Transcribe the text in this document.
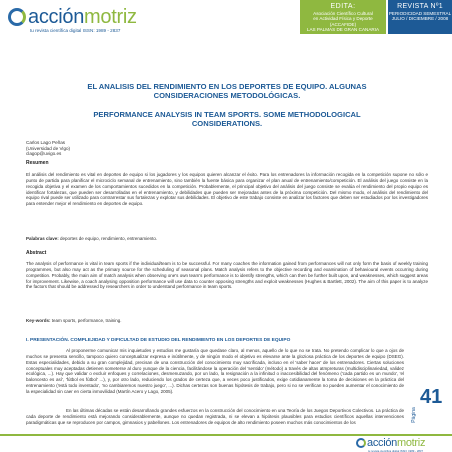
acciónmotriz
tu revista científica digital ISSN: 1989 - 2837
EDITA:
Asociación Científico Cultural
en Actividad Física y Deporte
(ACCAFIDE)
LAS PALMAS DE GRAN CANARIA
REVISTA Nº1
PERIODICIDAD SEMESTRAL
JULIO / DICIEMBRE / 2008
EL ANALISIS DEL RENDIMIENTO EN LOS DEPORTES DE EQUIPO. ALGUNAS CONSIDERACIONES METODOLÓGICAS.
PERFORMANCE ANALYSIS IN TEAM SPORTS. SOME METHODOLOGICAL CONSIDERATIONS.
Carlos Lago Peñas
(Universidad de Vigo)
clagop@uvigo.es
Resumen
El análisis del rendimiento es vital en deportes de equipo si los jugadores y los equipos quieren alcanzar el éxito. Para los entrenadores la información recogida en la competición supone no sólo e punto de partida para planificar el microciclo semanal de entrenamiento, sino también la fuente básica para organizar el plan anual de entrenamiento/competición. El análisis del juego consiste en la recogida objetiva y el examen de los comportamientos sucedidos en la competición. Probablemente, el principal objetivo del análisis del juego consiste se evalúa el rendimiento del propio equipo es identificar fortalezas, que pueden ser desarrolladas en el entrenamiento, y debilidades que pueden ser mejoradas antes de la próxima competición. Del mismo modo, el análisis del rendimiento del equipo rival puede ser utilizado para contrarrestar sus fortalezas y explotar sus debilidades. El objetivo de este trabajo consiste en analizar los factores que deben ser estudiados por los investigadores para entender mejor el rendimiento en deportes de equipo.
Palabras clave: deportes de equipo, rendimiento, entrenamiento.
Abstract
The analysis of performance is vital in team sports if the individual/team is to be successful. For many coaches the information gained from performances will not only form the basis of weekly training programmes, but also may act as the primary source for the scheduling of seasonal plans. Match analysis refers to the objective recording and examination of behavioural events occurring during competition. Probably, the main aim of match analysis when observing one's own team's performance is to identify strengths, which can then be further built upon, and weaknesses, which suggest areas for improvement. Likewise, a coach analysing opposition performance will use data to counter opposing strengths and exploit weaknesses (Hughes & Bartlett, 2002). The aim of this paper is to analyze the factors that should be addressed by researchers in order to understand performance in team sports.
Key-words: team sports, performance, training.
I. PRESENTACIÓN. COMPLEJIDAD Y DIFICULTAD DE ESTUDIO DEL RENDIMIENTO EN LOS DEPORTES DE EQUIPO
Al proponerme comunicar mis inquietudes y estudios me gustaría que quedase claro, al menos, aquello de lo que no se trata. No pretendo complicar lo que a ojos de muchos se presenta sencillo, tampoco quiero conceptualizar expresa e inútilmente, y de ningún modo el objetivo es elevarse ante la gloziosa práctica de los deportes de equipo (DSEG). Estas especialidades, debido a su gran complejidad, precisan de una construcción del conocimiento muy sacrificada, incluso en el 'saber hacer' de los entrenadores. Ciertas soluciones conceptuales muy aceptadas detienen someterse al duro yunque de la ciencia, facilitándose la operación del 'sentido' (método) a través de altas atmpreturas (multidisciplinariedad, validez ecológica, ...). Hay que validar o excluir enfoques y correlaciones, desmenuzando, por un lado, la resignación a la infinitud o inaccesibilidad del fenómeno ('cada partido es un mundo', 'el baloncesto es así', 'fútbol es fútbol' ...), y, por otro lado, reduciendo los grados de certeza que, a veces poco justificados, exige cotidianamente la toma de decisiones en la práctica del entrenamiento ('está todo inventado', 'no cambiaremos nuestro juego', ...). Dichas certezas son buenas hipótesis de trabajo, pero si no se verifican no pueden aumentar el conocimiento de la especialidad sin caer en cierta inmovilidad (Martín Acero y Lago, 2005).
En las últimas décadas se están desarrollando grandes esfuerzos en la construcción del conocimiento en una Teoría de los Juegos Deportivos Colectivos. La práctica de cada deporte de rendimiento está mejorando considerablemente, aunque no quedan registrada, ni se elevan a hipótesis plausibles para estudios científicos aquellas intervenciones paradigmáticas que se reproducen por campos, gimnasios y pabellones. Los entrenadores de equipos de alto rendimiento poseen muchos más conocimientos de los	Página
41
acciónmotriz
tu revista científica digital ISSN: 1989 - 2837
